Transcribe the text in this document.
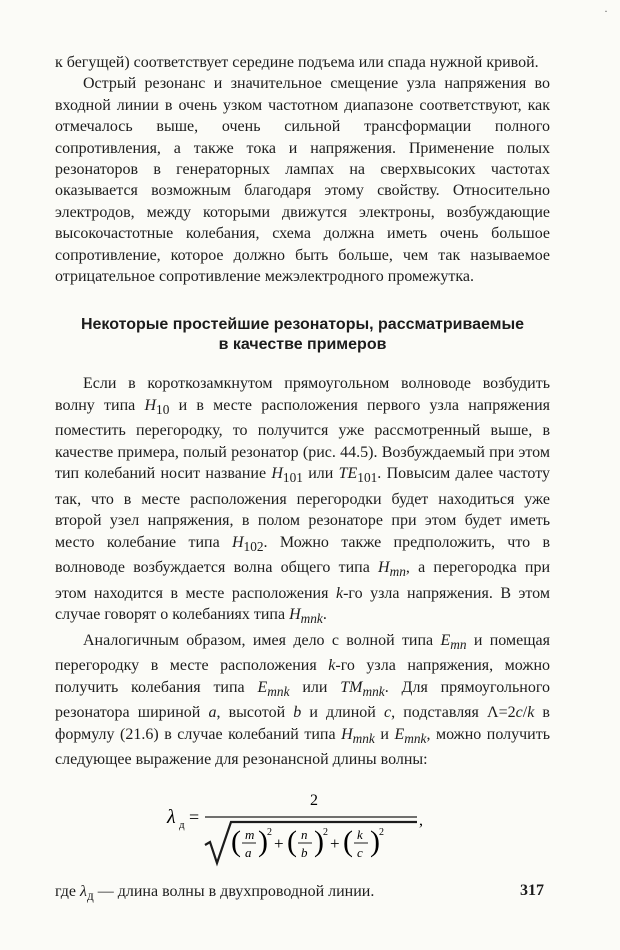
·

к бегущей) соответствует середине подъема или спада нужной кривой.

Острый резонанс и значительное смещение узла напряжения во входной линии в очень узком частотном диапазоне соответствуют, как отмечалось выше, очень сильной трансформации полного сопротивления, а также тока и напряжения. Применение полых резонаторов в генераторных лампах на сверхвысоких частотах оказывается возможным благодаря этому свойству. Относительно электродов, между которыми движутся электроны, возбуждающие высокочастотные колебания, схема должна иметь очень большое сопротивление, которое должно быть больше, чем так называемое отрицательное сопротивление межэлектродного промежутка.

Некоторые простейшие резонаторы, рассматриваемые
в качестве примеров

Если в короткозамкнутом прямоугольном волноводе возбудить волну типа $H_{10}$ и в месте расположения первого узла напряжения поместить перегородку, то получится уже рассмотренный выше, в качестве примера, полый резонатор (рис. 44.5). Возбуждаемый при этом тип колебаний носит название $H_{101}$ или $TE_{101}$. Повысим далее частоту так, что в месте расположения перегородки будет находиться уже второй узел напряжения, в полом резонаторе при этом будет иметь место колебание типа $H_{102}$. Можно также предположить, что в волноводе возбуждается волна общего типа $H_{mn}$, а перегородка при этом находится в месте расположения k-го узла напряжения. В этом случае говорят о колебаниях типа $H_{mnk}$.

Аналогичным образом, имея дело с волной типа $E_{mn}$ и помещая перегородку в месте расположения k-го узла напряжения, можно получить колебания типа $E_{mnk}$ или $TM_{mnk}$. Для прямоугольного резонатора шириной a, высотой b и длиной c, подставляя Λ=2c/k в формулу (21.6) в случае колебаний типа $H_{mnk}$ и $E_{mnk}$, можно получить следующее выражение для резонансной длины волны:

λ д =
2
( m
a ) 2
+ ( n
b ) 2
+ ( k
c ) 2
,

где $\lambda_д$ — длина волны в двухпроводной линии.	317
